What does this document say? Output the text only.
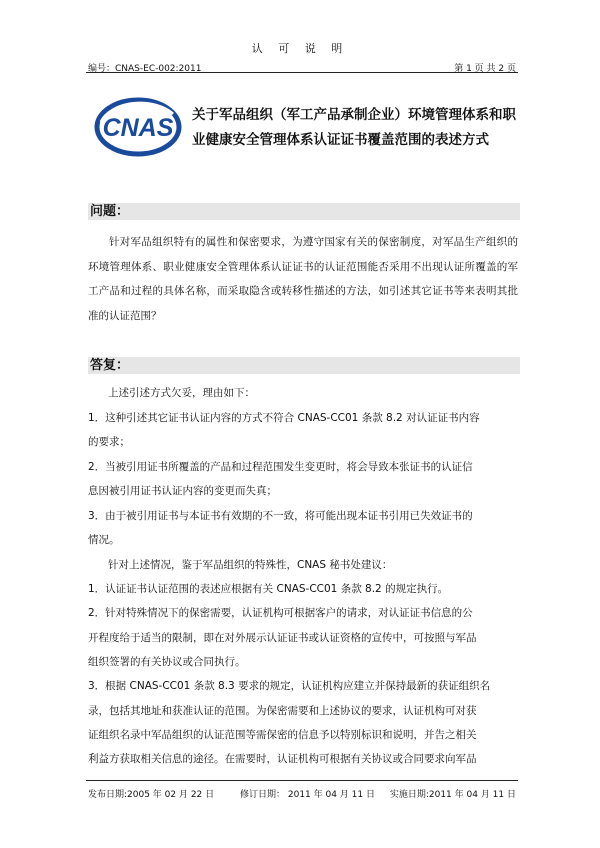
认 可 说 明
编号：CNAS-EC-002:2011	第 1 页 共 2 页
CNAS 关于军品组织（军工产品承制企业）环境管理体系和职业健康安全管理体系认证证书覆盖范围的表述方式
问题：
针对军品组织特有的属性和保密要求，为遵守国家有关的保密制度，对军品生产组织的环境管理体系、职业健康安全管理体系认证证书的认证范围能否采用不出现认证所覆盖的军工产品和过程的具体名称，而采取隐含或转移性描述的方法，如引述其它证书等来表明其批准的认证范围？
答复：
上述引述方式欠妥，理由如下：
1．这种引述其它证书认证内容的方式不符合 CNAS-CC01 条款 8.2 对认证证书内容
的要求；
2．当被引用证书所覆盖的产品和过程范围发生变更时，将会导致本张证书的认证信
息因被引用证书认证内容的变更而失真；
3．由于被引用证书与本证书有效期的不一致，将可能出现本证书引用已失效证书的
情况。
针对上述情况，鉴于军品组织的特殊性，CNAS 秘书处建议：
1．认证证书认证范围的表述应根据有关 CNAS-CC01 条款 8.2 的规定执行。
2．针对特殊情况下的保密需要，认证机构可根据客户的请求，对认证证书信息的公
开程度给于适当的限制，即在对外展示认证证书或认证资格的宣传中，可按照与军品
组织签署的有关协议或合同执行。
3．根据 CNAS-CC01 条款 8.3 要求的规定，认证机构应建立并保持最新的获证组织名
录，包括其地址和获准认证的范围。为保密需要和上述协议的要求，认证机构可对获
证组织名录中军品组织的认证范围等需保密的信息予以特别标识和说明，并告之相关
利益方获取相关信息的途径。在需要时，认证机构可根据有关协议或合同要求向军品
发布日期:2005 年 02 月 22 日	修订日期： 2011 年 04 月 11 日 实施日期:2011 年 04 月 11 日
